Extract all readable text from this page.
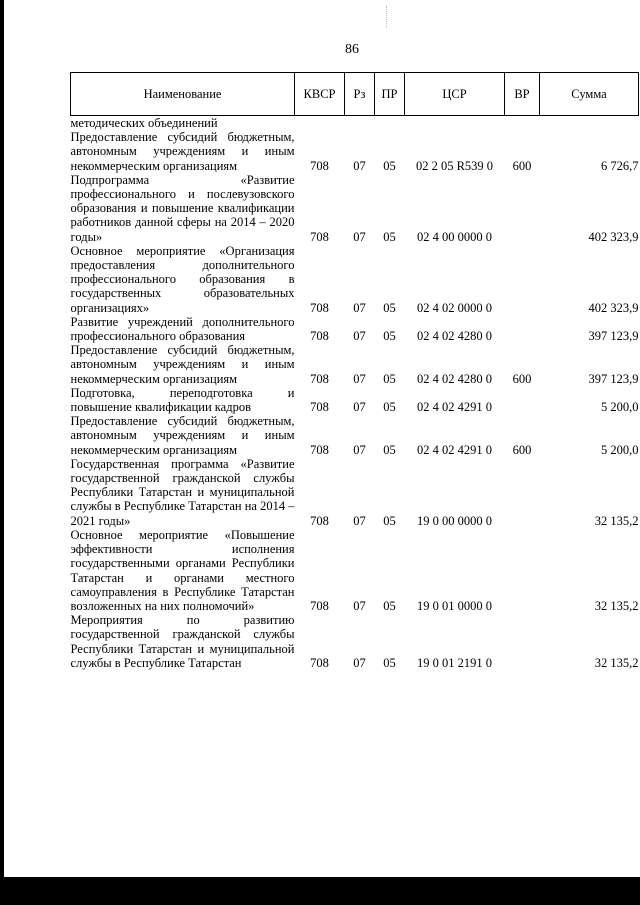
86
Наименование	КВСР	Рз	ПР	ЦСР	ВР	Сумма
методических объединений						
Предоставление субсидий бюджетным, автономным учреждениям и иным некоммерческим организациям	708	07	05	02 2 05 R539 0	600	6 726,7
Подпрограмма «Развитие профессионального и послевузовского образования и повышение квалификации работников данной сферы на 2014 – 2020 годы»	708	07	05	02 4 00 0000 0		402 323,9
Основное мероприятие «Организация предоставления дополнительного профессионального образования в государственных образовательных организациях»	708	07	05	02 4 02 0000 0		402 323,9
Развитие учреждений дополнительного профессионального образования	708	07	05	02 4 02 4280 0		397 123,9
Предоставление субсидий бюджетным, автономным учреждениям и иным некоммерческим организациям	708	07	05	02 4 02 4280 0	600	397 123,9
Подготовка, переподготовка и повышение квалификации кадров	708	07	05	02 4 02 4291 0		5 200,0
Предоставление субсидий бюджетным, автономным учреждениям и иным некоммерческим организациям	708	07	05	02 4 02 4291 0	600	5 200,0
Государственная программа «Развитие государственной гражданской службы Республики Татарстан и муниципальной службы в Республике Татарстан на 2014 – 2021 годы»	708	07	05	19 0 00 0000 0		32 135,2
Основное мероприятие «Повышение эффективности исполнения государственными органами Республики Татарстан и органами местного самоуправления в Республике Татарстан возложенных на них полномочий»	708	07	05	19 0 01 0000 0		32 135,2
Мероприятия по развитию государственной гражданской службы Республики Татарстан и муниципальной службы в Республике Татарстан	708	07	05	19 0 01 2191 0		32 135,2
